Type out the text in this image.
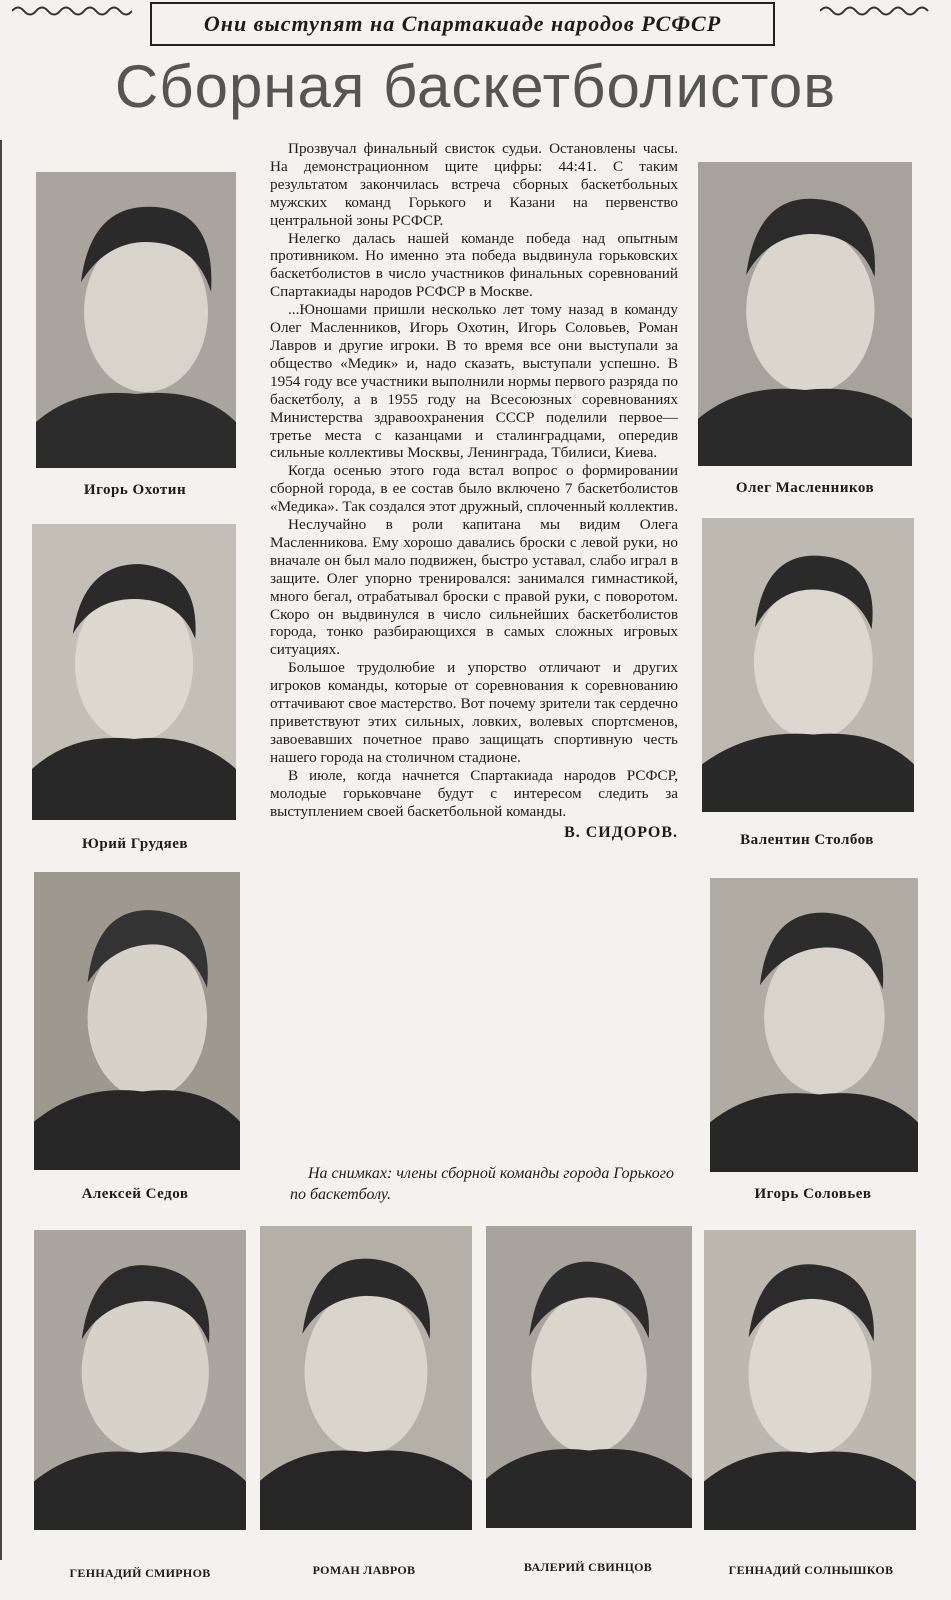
Они выступят на Спартакиаде народов РСФСР
Сборная баскетболистов

Прозвучал финальный свисток судьи. Остановлены часы. На демонстрационном щите цифры: 44:41. С таким результатом закончилась встреча сборных баскетбольных мужских команд Горького и Казани на первенство центральной зоны РСФСР.

Нелегко далась нашей команде победа над опытным противником. Но именно эта победа выдвинула горьковских баскетболистов в число участников финальных соревнований Спартакиады народов РСФСР в Москве.

...Юношами пришли несколько лет тому назад в команду Олег Масленников, Игорь Охотин, Игорь Соловьев, Роман Лавров и другие игроки. В то время все они выступали за общество «Медик» и, надо сказать, выступали успешно. В 1954 году все участники выполнили нормы первого разряда по баскетболу, а в 1955 году на Всесоюзных соревнованиях Министерства здравоохранения СССР поделили первое—третье места с казанцами и сталинградцами, опередив сильные коллективы Москвы, Ленинграда, Тбилиси, Киева.

Когда осенью этого года встал вопрос о формировании сборной города, в ее состав было включено 7 баскетболистов «Медика». Так создался этот дружный, сплоченный коллектив.

Неслучайно в роли капитана мы видим Олега Масленникова. Ему хорошо давались броски с левой руки, но вначале он был мало подвижен, быстро уставал, слабо играл в защите. Олег упорно тренировался: занимался гимнастикой, много бегал, отрабатывал броски с правой руки, с поворотом. Скоро он выдвинулся в число сильнейших баскетболистов города, тонко разбирающихся в самых сложных игровых ситуациях.

Большое трудолюбие и упорство отличают и других игроков команды, которые от соревнования к соревнованию оттачивают свое мастерство. Вот почему зрители так сердечно приветствуют этих сильных, ловких, волевых спортсменов, завоевавших почетное право защищать спортивную честь нашего города на столичном стадионе.

В июле, когда начнется Спартакиада народов РСФСР, молодые горьковчане будут с интересом следить за выступлением своей баскетбольной команды.

В. СИДОРОВ.
На снимках: члены сборной команды города Горького по баскетболу.
Игорь Охотин
Юрий Грудяев
Алексей Седов
Олег Масленников
Валентин Столбов
Игорь Соловьев
ГЕННАДИЙ СМИРНОВ	РОМАН ЛАВРОВ	ВАЛЕРИЙ СВИНЦОВ	ГЕННАДИЙ СОЛНЫШКОВ
